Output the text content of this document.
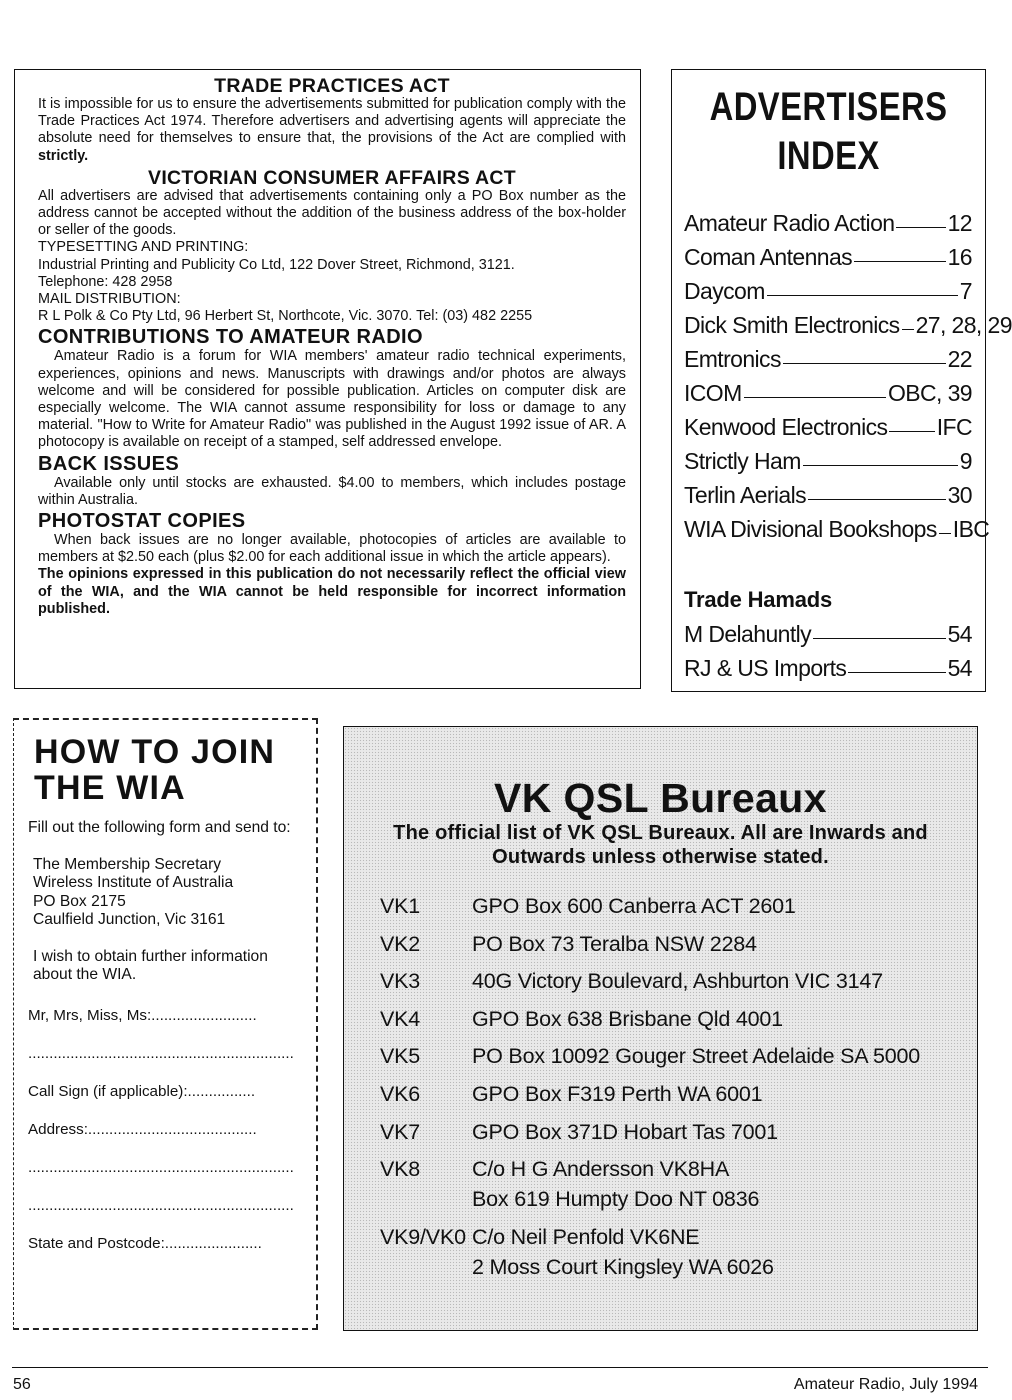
TRADE PRACTICES ACT

It is impossible for us to ensure the advertisements submitted for publication comply with the Trade Practices Act 1974. Therefore advertisers and advertising agents will appreciate the absolute need for themselves to ensure that, the provisions of the Act are complied with strictly.

VICTORIAN CONSUMER AFFAIRS ACT

All advertisers are advised that advertisements containing only a PO Box number as the address cannot be accepted without the addition of the business address of the box-holder or seller of the goods.

TYPESETTING AND PRINTING:

Industrial Printing and Publicity Co Ltd, 122 Dover Street, Richmond, 3121.

Telephone: 428 2958

MAIL DISTRIBUTION:

R L Polk & Co Pty Ltd, 96 Herbert St, Northcote, Vic. 3070. Tel: (03) 482 2255

CONTRIBUTIONS TO AMATEUR RADIO

Amateur Radio is a forum for WIA members' amateur radio technical experiments, experiences, opinions and news. Manuscripts with drawings and/or photos are always welcome and will be considered for possible publication. Articles on computer disk are especially welcome. The WIA cannot assume responsibility for loss or damage to any material. "How to Write for Amateur Radio" was published in the August 1992 issue of AR. A photocopy is available on receipt of a stamped, self addressed envelope.

BACK ISSUES

Available only until stocks are exhausted. $4.00 to members, which includes postage within Australia.

PHOTOSTAT COPIES

When back issues are no longer available, photocopies of articles are available to members at $2.50 each (plus $2.00 for each additional issue in which the article appears).

The opinions expressed in this publication do not necessarily reflect the official view of the WIA, and the WIA cannot be held responsible for incorrect information published.

ADVERTISERS
INDEX
Amateur Radio Action 12
Coman Antennas	16
Daycom	7
Dick Smith Electronics 27, 28, 29
Emtronics	22
ICOM	OBC, 39
Kenwood Electronics IFC
Strictly Ham	9
Terlin Aerials	30
WIA Divisional Bookshops IBC
Trade Hamads
M Delahuntly	54
RJ & US Imports	54
HOW TO JOIN
THE WIA

Fill out the following form and send to:

The Membership Secretary

Wireless Institute of Australia

PO Box 2175

Caulfield Junction, Vic 3161

I wish to obtain further information about the WIA.

Mr, Mrs, Miss, Ms:.........................
...............................................................
Call Sign (if applicable):................
Address:........................................
...............................................................
...............................................................
State and Postcode:.......................
VK QSL Bureaux
The official list of VK QSL Bureaux. All are Inwards and Outwards unless otherwise stated.
VK1	GPO Box 600 Canberra ACT 2601
VK2	PO Box 73 Teralba NSW 2284
VK3	40G Victory Boulevard, Ashburton VIC 3147
VK4	GPO Box 638 Brisbane Qld 4001
VK5	PO Box 10092 Gouger Street Adelaide SA 5000
VK6	GPO Box F319 Perth WA 6001
VK7	GPO Box 371D Hobart Tas 7001
VK8	C/o H G Andersson VK8HA
Box 619 Humpty Doo NT 0836
VK9/VK0 C/o Neil Penfold VK6NE
2 Moss Court Kingsley WA 6026
56	Amateur Radio, July 1994
